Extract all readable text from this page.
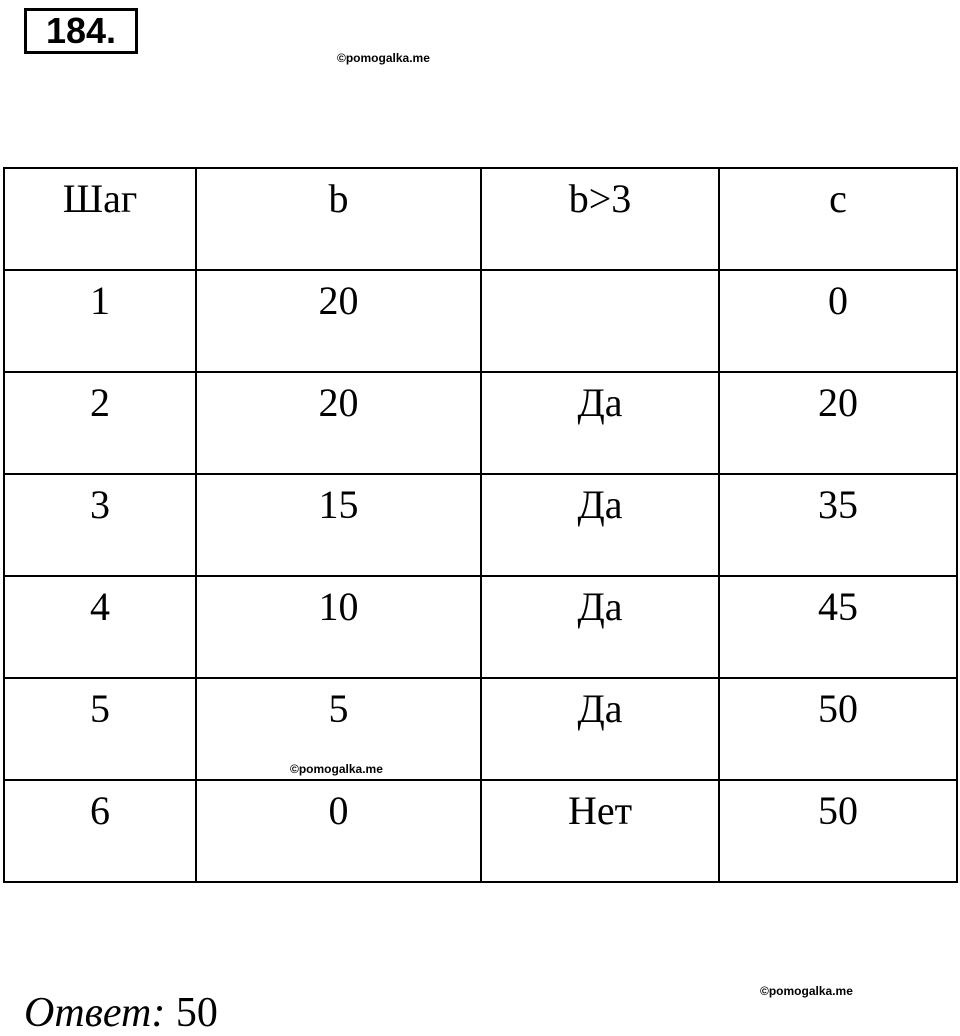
184.
©pomogalka.me
Шаг	b	b>3	c

1	20		0

2	20	Да	20

3	15	Да	35

4	10	Да	45

5	5	Да	50

6	0	Нет	50
©pomogalka.me
©pomogalka.me
Ответ: 50
